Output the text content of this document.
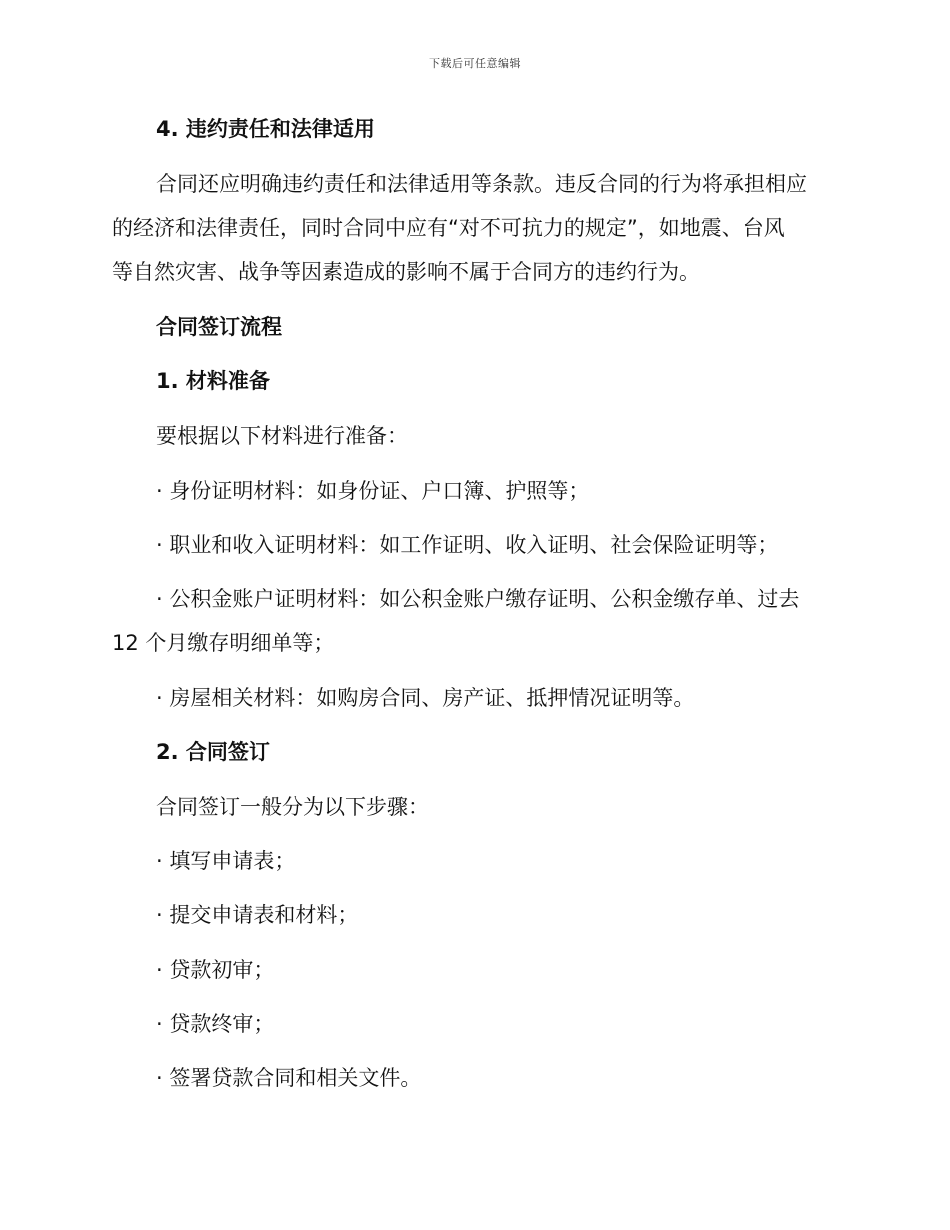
下载后可任意编辑
4. 违约责任和法律适用
合同还应明确违约责任和法律适用等条款。违反合同的行为将承担相应
的经济和法律责任，同时合同中应有“对不可抗力的规定”，如地震、台风
等自然灾害、战争等因素造成的影响不属于合同方的违约行为。
合同签订流程
1. 材料准备
要根据以下材料进行准备：
· 身份证明材料：如身份证、户口簿、护照等；
· 职业和收入证明材料：如工作证明、收入证明、社会保险证明等；
· 公积金账户证明材料：如公积金账户缴存证明、公积金缴存单、过去
12 个月缴存明细单等；
· 房屋相关材料：如购房合同、房产证、抵押情况证明等。
2. 合同签订
合同签订一般分为以下步骤：
· 填写申请表；
· 提交申请表和材料；
· 贷款初审；
· 贷款终审；
· 签署贷款合同和相关文件。
